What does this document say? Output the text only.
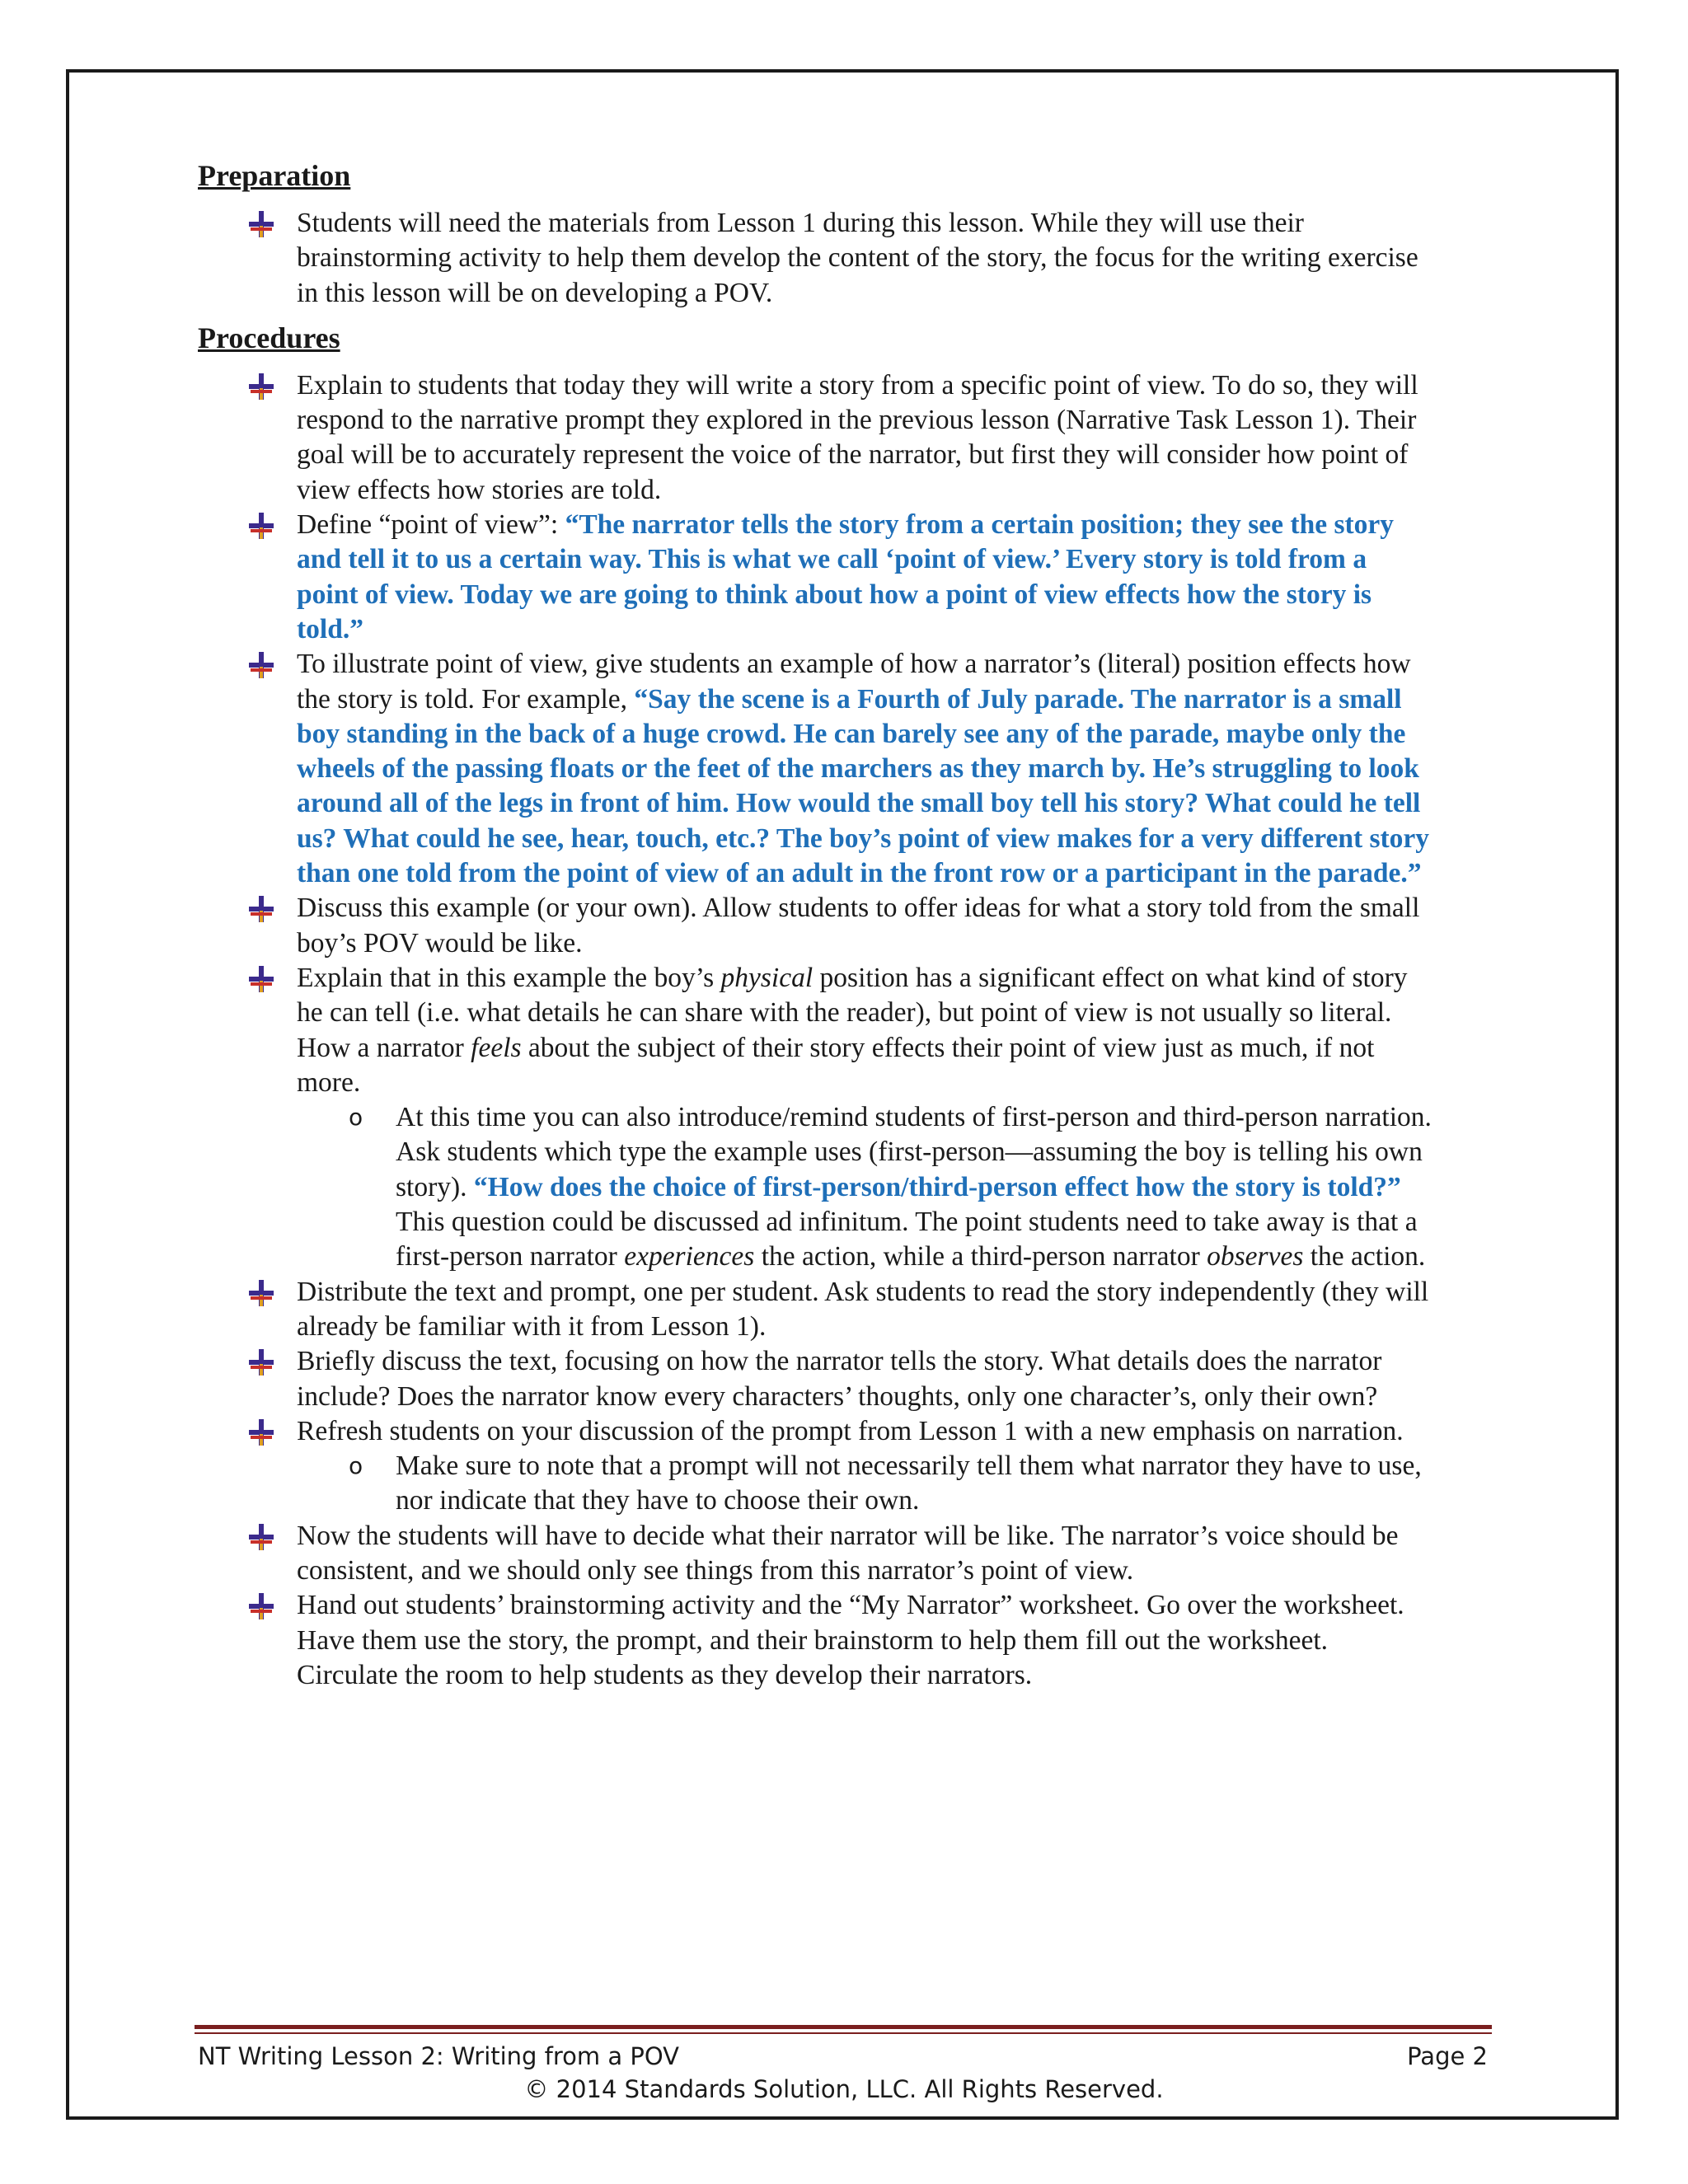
Preparation
Students will need the materials from Lesson 1 during this lesson. While they will use their brainstorming activity to help them develop the content of the story, the focus for the writing exercise in this lesson will be on developing a POV.
Procedures
Explain to students that today they will write a story from a specific point of view. To do so, they will respond to the narrative prompt they explored in the previous lesson (Narrative Task Lesson 1). Their goal will be to accurately represent the voice of the narrator, but first they will consider how point of view effects how stories are told.
Define “point of view”: “The narrator tells the story from a certain position; they see the story and tell it to us a certain way. This is what we call ‘point of view.’ Every story is told from a point of view. Today we are going to think about how a point of view effects how the story is told.”
To illustrate point of view, give students an example of how a narrator’s (literal) position effects how the story is told. For example, “Say the scene is a Fourth of July parade. The narrator is a small boy standing in the back of a huge crowd. He can barely see any of the parade, maybe only the wheels of the passing floats or the feet of the marchers as they march by. He’s struggling to look around all of the legs in front of him. How would the small boy tell his story? What could he tell us? What could he see, hear, touch, etc.? The boy’s point of view makes for a very different story than one told from the point of view of an adult in the front row or a participant in the parade.”
Discuss this example (or your own). Allow students to offer ideas for what a story told from the small boy’s POV would be like.
Explain that in this example the boy’s physical position has a significant effect on what kind of story he can tell (i.e. what details he can share with the reader), but point of view is not usually so literal. How a narrator feels about the subject of their story effects their point of view just as much, if not more.
o At this time you can also introduce/remind students of first-person and third-person narration. Ask students which type the example uses (first-person—assuming the boy is telling his own story). “How does the choice of first-person/third-person effect how the story is told?” This question could be discussed ad infinitum. The point students need to take away is that a first-person narrator experiences the action, while a third-person narrator observes the action.
Distribute the text and prompt, one per student. Ask students to read the story independently (they will already be familiar with it from Lesson 1).
Briefly discuss the text, focusing on how the narrator tells the story. What details does the narrator include? Does the narrator know every characters’ thoughts, only one character’s, only their own?
Refresh students on your discussion of the prompt from Lesson 1 with a new emphasis on narration.
o Make sure to note that a prompt will not necessarily tell them what narrator they have to use, nor indicate that they have to choose their own.
Now the students will have to decide what their narrator will be like. The narrator’s voice should be consistent, and we should only see things from this narrator’s point of view.
Hand out students’ brainstorming activity and the “My Narrator” worksheet. Go over the worksheet. Have them use the story, the prompt, and their brainstorm to help them fill out the worksheet. Circulate the room to help students as they develop their narrators.
NT Writing Lesson 2: Writing from a POV	Page 2
© 2014 Standards Solution, LLC. All Rights Reserved.
